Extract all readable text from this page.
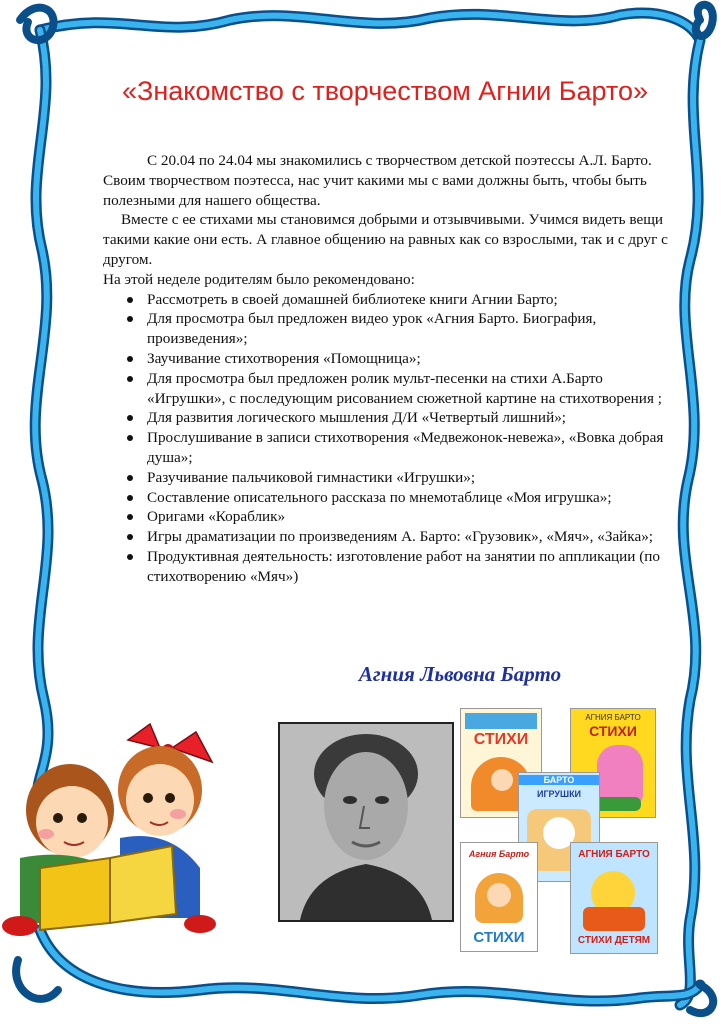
«Знакомство с творчеством Агнии Барто»

С 20.04 по 24.04 мы знакомились с творчеством детской поэтессы А.Л. Барто. Своим творчеством поэтесса, нас учит какими мы с вами должны быть, чтобы быть полезными для нашего общества.

Вместе с ее стихами мы становимся добрыми и отзывчивыми. Учимся видеть вещи такими какие они есть. А главное общению на равных как со взрослыми, так и с друг с другом.

На этой неделе родителям было рекомендовано:

Рассмотреть в своей домашней библиотеке книги Агнии Барто;
Для просмотра был предложен видео урок «Агния Барто. Биография, произведения»;
Заучивание стихотворения «Помощница»;
Для просмотра был предложен ролик мульт-песенки на стихи А.Барто «Игрушки», с последующим рисованием сюжетной картине на стихотворения ;
Для развития логического мышления Д/И «Четвертый лишний»;
Прослушивание в записи стихотворения «Медвежонок-невежа», «Вовка добрая душа»;
Разучивание пальчиковой гимнастики «Игрушки»;
Составление описательного рассказа по мнемотаблице «Моя игрушка»;
Оригами «Кораблик»
Игры драматизации по произведениям А. Барто: «Грузовик», «Мяч», «Зайка»;
Продуктивная деятельность: изготовление работ на занятии по аппликации (по стихотворению «Мяч»)
Агния Львовна Барто
СТИХИ
АГНИЯ БАРТО
СТИХИ
БАРТО
ИГРУШКИ
Агния Барто
СТИХИ
АГНИЯ БАРТО
СТИХИ ДЕТЯМ
